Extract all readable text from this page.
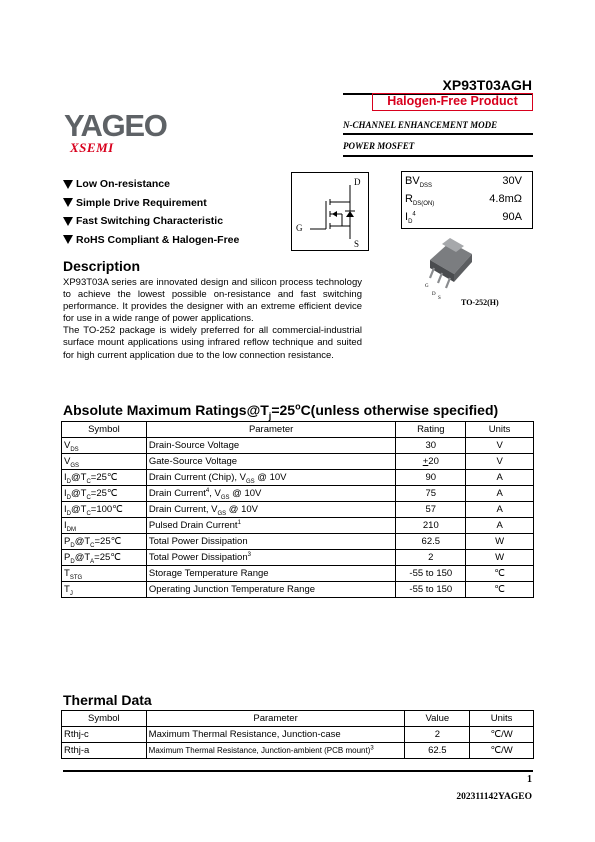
XP93T03AGH
Halogen-Free Product
N-CHANNEL ENHANCEMENT MODE
POWER MOSFET
YAGEO
XSEMI
Low On-resistance
Simple Drive Requirement
Fast Switching Characteristic
RoHS Compliant & Halogen-Free
D
G
S
$BV_{DSS}$	30V
$R_{DS(ON)}$	4.8mΩ
$I_D^4$	90A
G
D
S	TO-252(H)
Description

XP93T03A series are innovated design and silicon process technology to achieve the lowest possible on-resistance and fast switching performance. It provides the designer with an extreme efficient device for use in a wide range of power applications.

The TO-252 package is widely preferred for all commercial-industrial surface mount applications using infrared reflow technique and suited for high current application due to the low connection resistance.

Absolute Maximum $Ratings@T_j=25^oC(unless$ otherwise specified)
Symbol	Parameter	Rating	Units
$V_{DS}$	Drain-Source Voltage	30	V
$V_{GS}$	Gate-Source Voltage	+20	V
$I_D@T_C=25℃$	Drain Current (Chip), $V_{GS}$ @ 10V	90	A
$I_D@T_C=25℃$	Drain Current$^4$, $V_{GS}$ @ 10V	75	A
$I_D@T_C=100℃$	Drain Current, $V_{GS}$ @ 10V	57	A
$I_{DM}$	Pulsed Drain Current$^1$	210	A
$P_D@T_C=25℃$	Total Power Dissipation	62.5	W
$P_D@T_A=25℃$	Total Power Dissipation$^3$	2	W
$T_{STG}$	Storage Temperature Range	-55 to 150	℃
$T_J$	Operating Junction Temperature Range	-55 to 150	℃
Thermal Data
Symbol	Parameter	Value	Units
Rthj-c	Maximum Thermal Resistance, Junction-case	2	℃/W
Rthj-a	Maximum Thermal Resistance, Junction-ambient (PCB mount)$^3$	62.5	℃/W
1
202311142YAGEO
